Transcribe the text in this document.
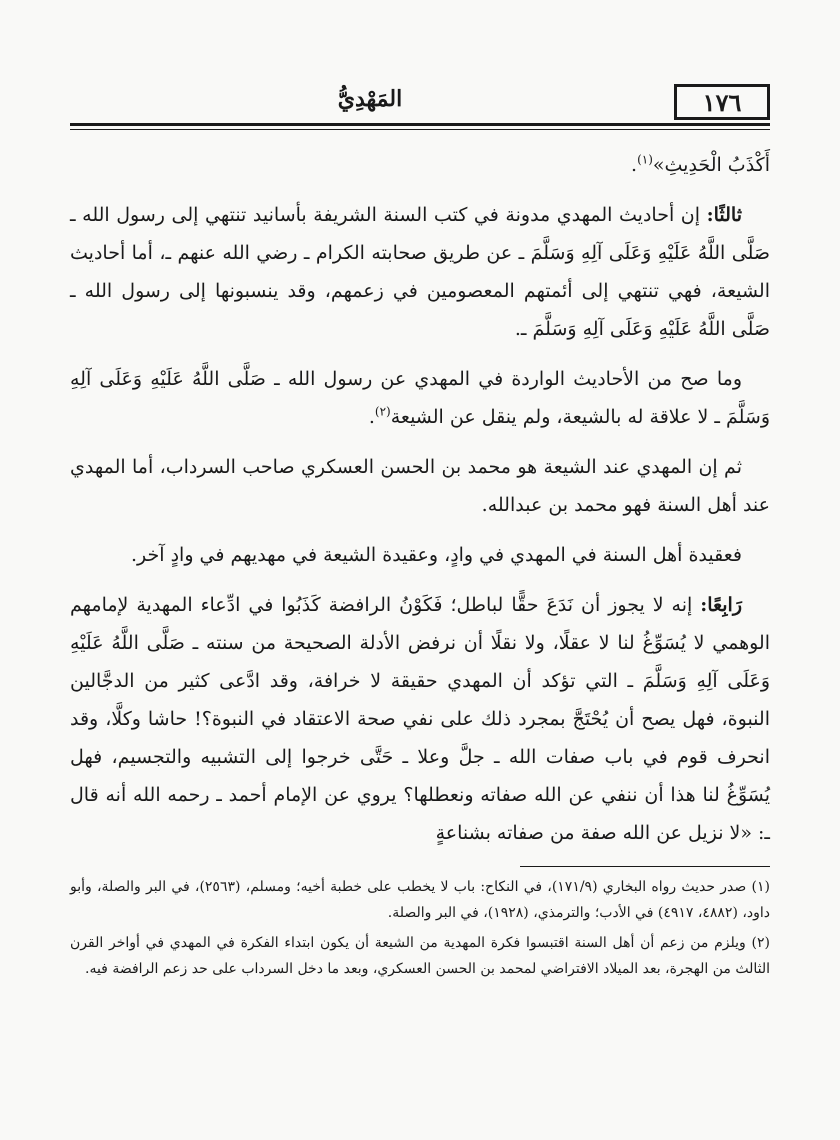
١٧٦
المَهْدِيُّ

أَكْذَبُ الْحَدِيثِ»$^{(١)}$.

ثالثًا: إن أحاديث المهدي مدونة في كتب السنة الشريفة بأسانيد تنتهي إلى رسول الله ـ صَلَّى اللَّهُ عَلَيْهِ وَعَلَى آلِهِ وَسَلَّمَ ـ عن طريق صحابته الكرام ـ رضي الله عنهم ـ، أما أحاديث الشيعة، فهي تنتهي إلى أئمتهم المعصومين في زعمهم، وقد ينسبونها إلى رسول الله ـ صَلَّى اللَّهُ عَلَيْهِ وَعَلَى آلِهِ وَسَلَّمَ ـ.

وما صح من الأحاديث الواردة في المهدي عن رسول الله ـ صَلَّى اللَّهُ عَلَيْهِ وَعَلَى آلِهِ وَسَلَّمَ ـ لا علاقة له بالشيعة، ولم ينقل عن الشيعة$^{(٢)}$.

ثم إن المهدي عند الشيعة هو محمد بن الحسن العسكري صاحب السرداب، أما المهدي عند أهل السنة فهو محمد بن عبدالله.

فعقيدة أهل السنة في المهدي في وادٍ، وعقيدة الشيعة في مهديهم في وادٍ آخر.

رَابِعًا: إنه لا يجوز أن نَدَعَ حقًّا لباطل؛ فَكَوْنُ الرافضة كَذَبُوا في ادِّعاء المهدية لإمامهم الوهمي لا يُسَوِّغُ لنا لا عقلًا، ولا نقلًا أن نرفض الأدلة الصحيحة من سنته ـ صَلَّى اللَّهُ عَلَيْهِ وَعَلَى آلِهِ وَسَلَّمَ ـ التي تؤكد أن المهدي حقيقة لا خرافة، وقد ادَّعى كثير من الدجَّالين النبوة، فهل يصح أن يُحْتَجَّ بمجرد ذلك على نفي صحة الاعتقاد في النبوة؟! حاشا وكلَّا، وقد انحرف قوم في باب صفات الله ـ جلَّ وعلا ـ حَتَّى خرجوا إلى التشبيه والتجسيم، فهل يُسَوِّغُ لنا هذا أن ننفي عن الله صفاته ونعطلها؟ يروي عن الإمام أحمد ـ رحمه الله أنه قال ـ: «لا نزيل عن الله صفة من صفاته بشناعةٍ

(١) صدر حديث رواه البخاري (١٧١/٩)، في النكاح: باب لا يخطب على خطبة أخيه؛ ومسلم، (٢٥٦٣)، في البر والصلة، وأبو داود، (٤٨٨٢، ٤٩١٧) في الأدب؛ والترمذي، (١٩٢٨)، في البر والصلة.

(٢) ويلزم من زعم أن أهل السنة اقتبسوا فكرة المهدية من الشيعة أن يكون ابتداء الفكرة في المهدي في أواخر القرن الثالث من الهجرة، بعد الميلاد الافتراضي لمحمد بن الحسن العسكري، وبعد ما دخل السرداب على حد زعم الرافضة فيه.
